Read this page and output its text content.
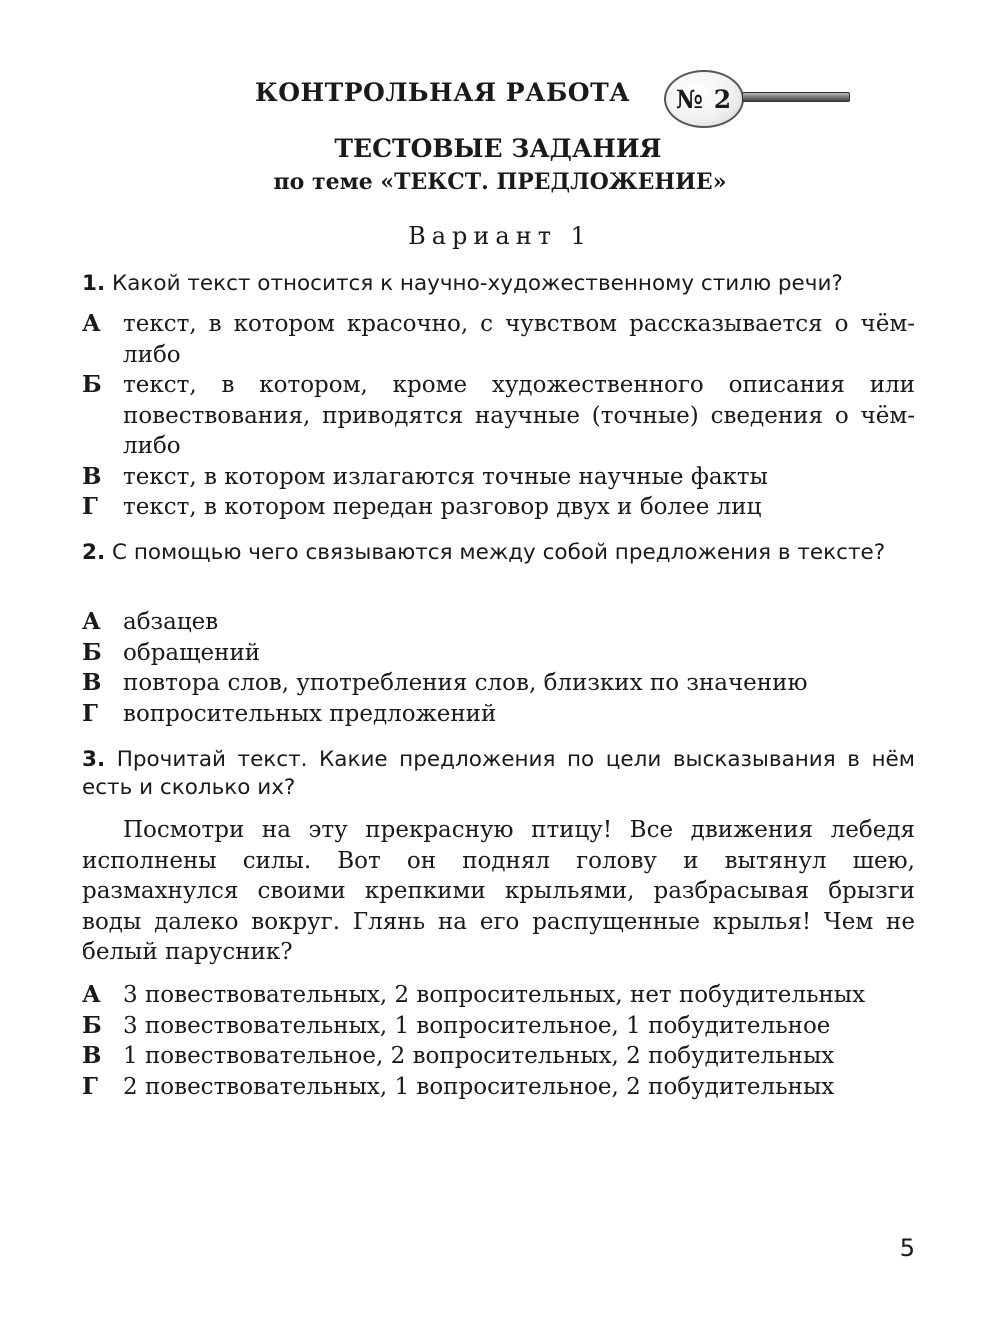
КОНТРОЛЬНАЯ РАБОТА № 2
ТЕСТОВЫЕ ЗАДАНИЯ
по теме «ТЕКСТ. ПРЕДЛОЖЕНИЕ»
Вариант 1
1. Какой текст относится к научно-художественному стилю речи?
А текст, в котором красочно, с чувством рассказывается о чём-либо
Б текст, в котором, кроме художественного описания или повествования, приводятся научные (точные) сведения о чём-либо
В текст, в котором излагаются точные научные факты
Г	текст, в котором передан разговор двух и более лиц
2. С помощью чего связываются между собой предложения в тексте?
А абзацев
Б обращений
В повтора слов, употребления слов, близких по значению
Г	вопросительных предложений
3. Прочитай текст. Какие предложения по цели высказывания в нём есть и сколько их?
Посмотри на эту прекрасную птицу! Все движения лебедя исполнены силы. Вот он поднял голову и вытянул шею, размахнулся своими крепкими крыльями, разбрасывая брызги воды далеко вокруг. Глянь на его распущенные крылья! Чем не белый парусник?
А 3 повествовательных, 2 вопросительных, нет побудительных
Б 3 повествовательных, 1 вопросительное, 1 побудительное
В 1 повествовательное, 2 вопросительных, 2 побудительных
Г	2 повествовательных, 1 вопросительное, 2 побудительных
5
